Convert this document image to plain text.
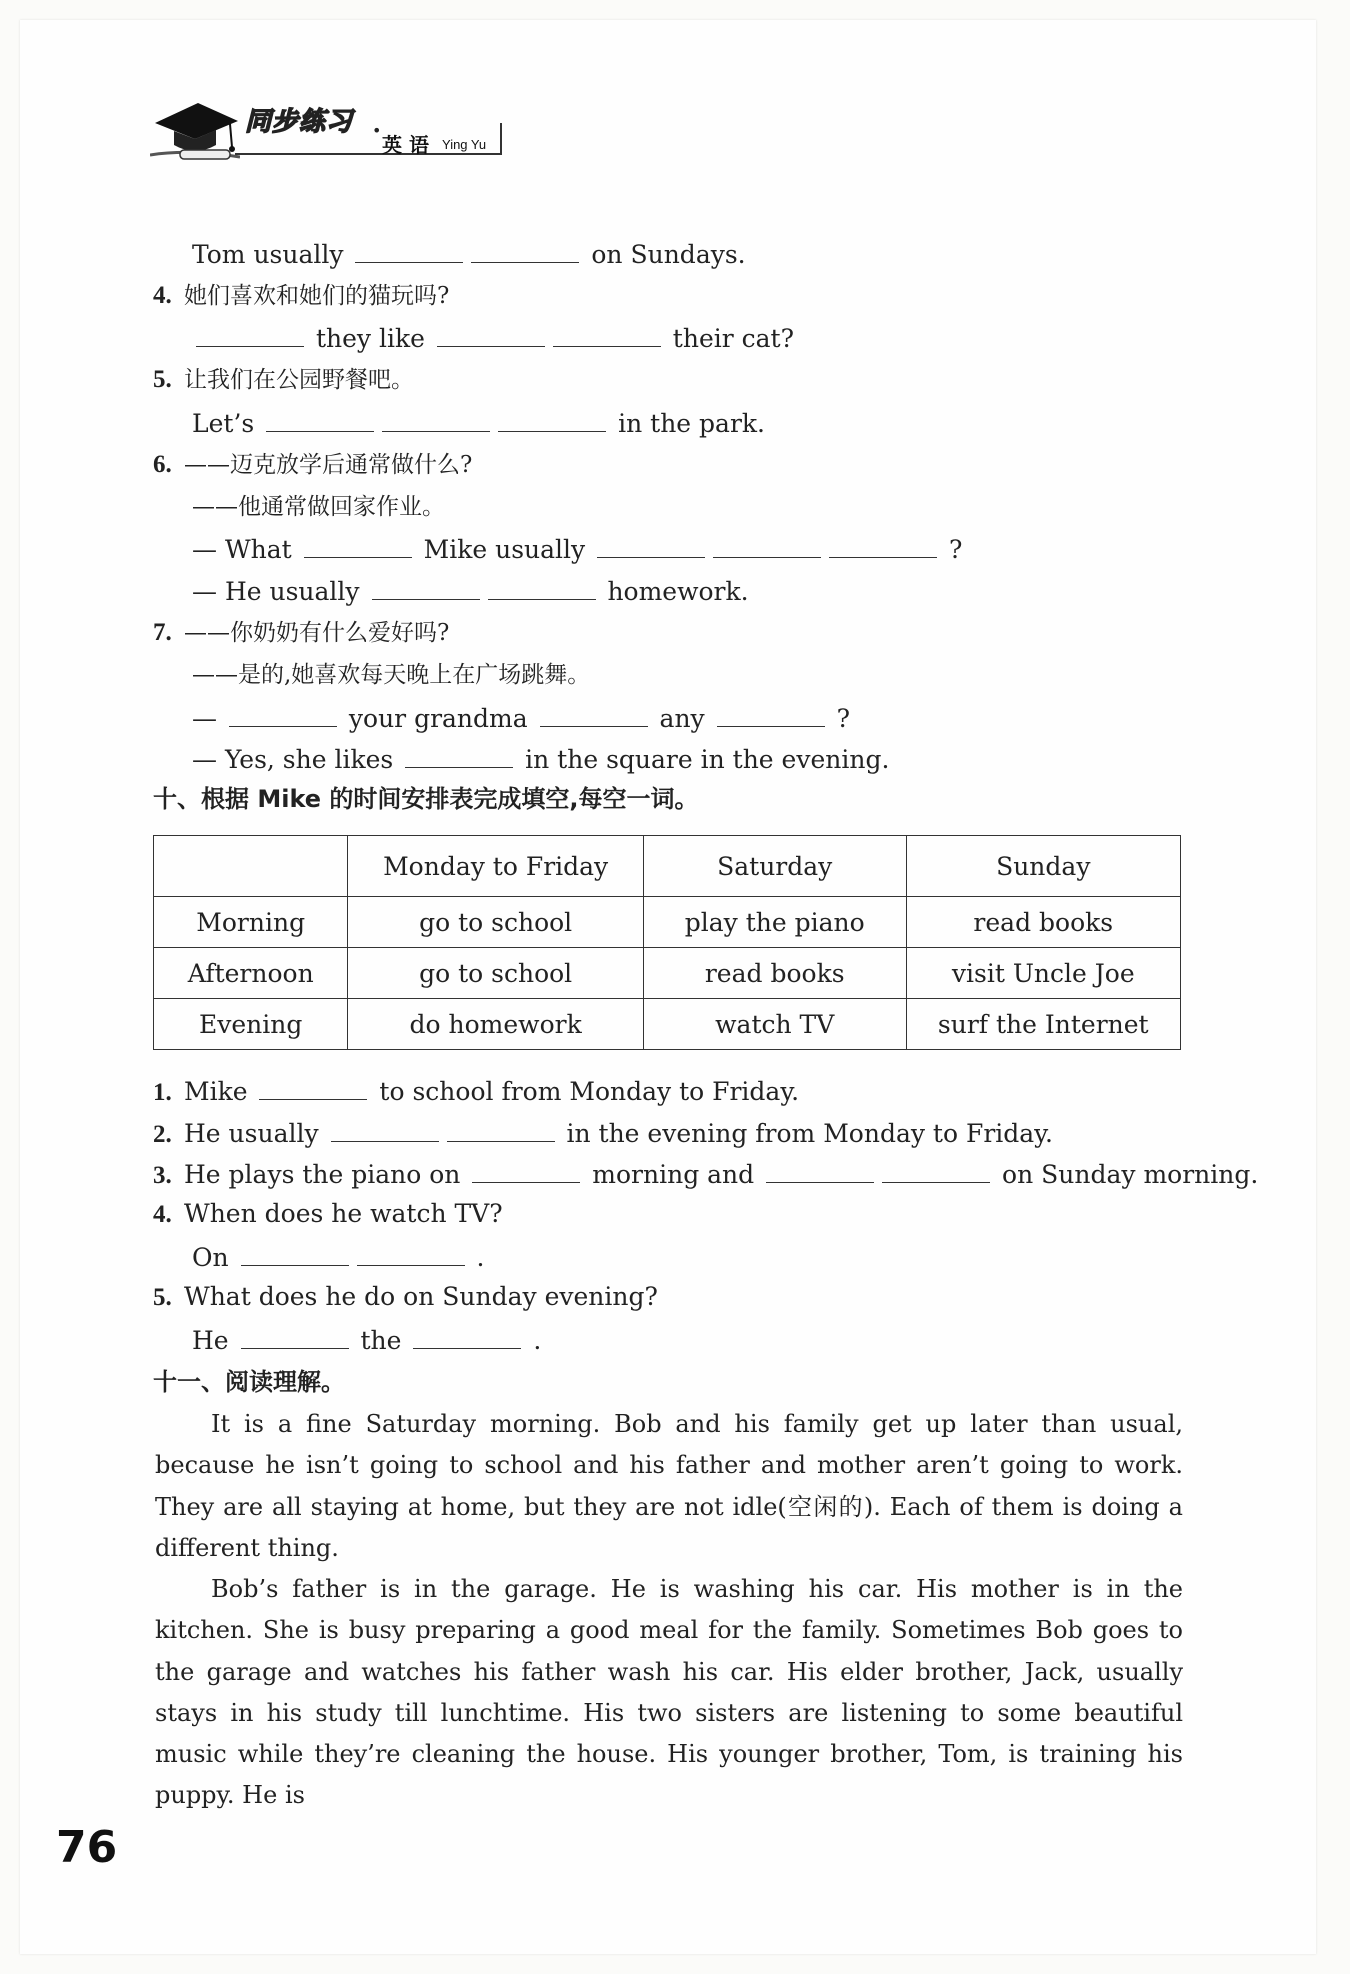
同步练习 •
英 语 Ying Yu
Tom usually	on Sundays.
4. 她们喜欢和她们的猫玩吗?
they like	their cat?
5. 让我们在公园野餐吧。
Let’s	in the park.
6. ——迈克放学后通常做什么?
——他通常做回家作业。
— What	Mike usually	?
— He usually	homework.
7. ——你奶奶有什么爱好吗?
——是的,她喜欢每天晚上在广场跳舞。
—	your grandma	any	?
— Yes, she likes	in the square in the evening.
十、根据 Mike 的时间安排表完成填空,每空一词。
	Monday to Friday	Saturday	Sunday
Morning	go to school	play the piano	read books
Afternoon	go to school	read books	visit Uncle Joe
Evening	do homework	watch TV	surf the Internet
1. Mike	to school from Monday to Friday.
2. He usually	in the evening from Monday to Friday.
3. He plays the piano on	morning and	on Sunday morning.
4. When does he watch TV?
On	.
5. What does he do on Sunday evening?
He	the	.
十一、阅读理解。
It is a fine Saturday morning. Bob and his family get up later than usual, because he isn’t going to school and his father and mother aren’t going to work. They are all staying at home, but they are not idle(空闲的). Each of them is doing a different thing.
Bob’s father is in the garage. He is washing his car. His mother is in the kitchen. She is busy preparing a good meal for the family. Sometimes Bob goes to the garage and watches his father wash his car. His elder brother, Jack, usually stays in his study till lunchtime. His two sisters are listening to some beautiful music while they’re cleaning the house. His younger brother, Tom, is training his puppy. He is
76
